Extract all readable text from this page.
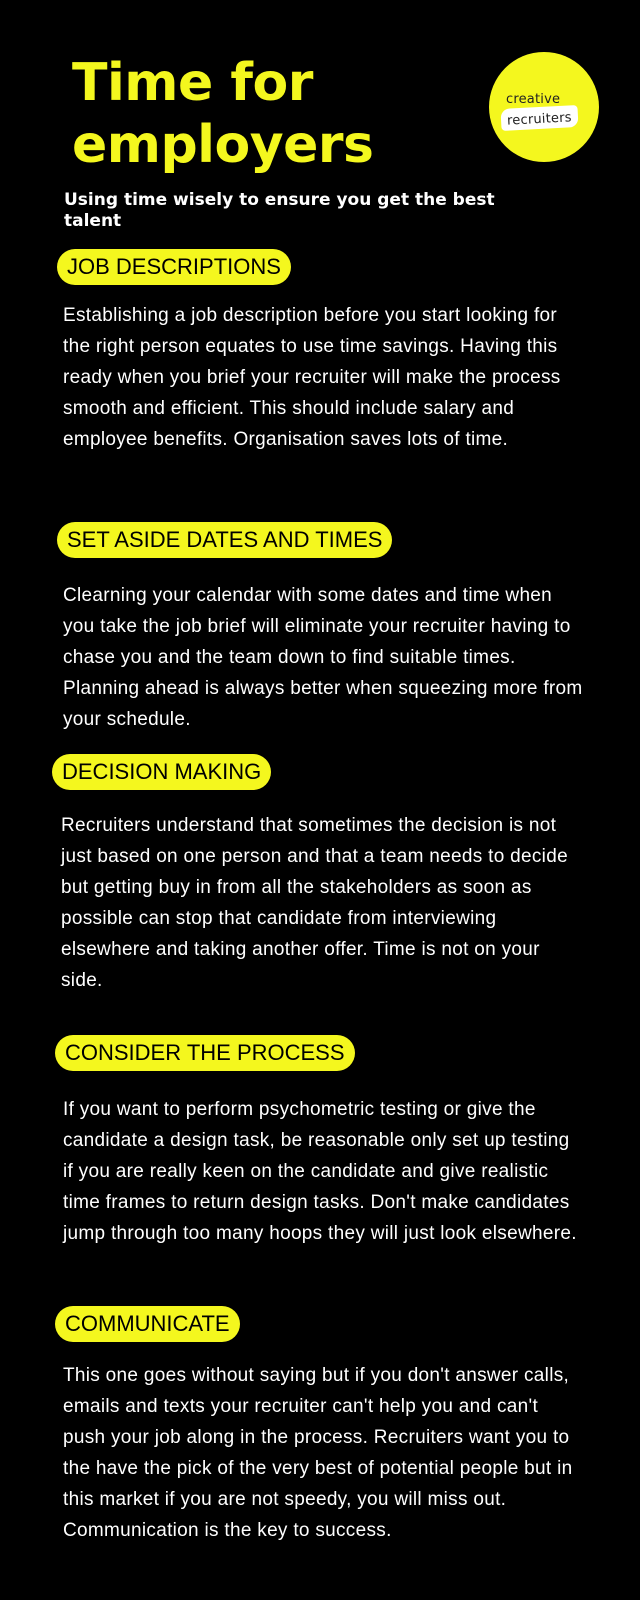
Time for
employers
creative
recruiters

Using time wisely to ensure you get the best talent

JOB DESCRIPTIONS

Establishing a job description before you start looking for the right person equates to use time savings. Having this ready when you brief your recruiter will make the process smooth and efficient. This should include salary and employee benefits. Organisation saves lots of time.

SET ASIDE DATES AND TIMES

Clearning your calendar with some dates and time when you take the job brief will eliminate your recruiter having to chase you and the team down to find suitable times. Planning ahead is always better when squeezing more from your schedule.

DECISION MAKING

Recruiters understand that sometimes the decision is not just based on one person and that a team needs to decide but getting buy in from all the stakeholders as soon as possible can stop that candidate from interviewing elsewhere and taking another offer. Time is not on your side.

CONSIDER THE PROCESS

If you want to perform psychometric testing or give the candidate a design task, be reasonable only set up testing if you are really keen on the candidate and give realistic time frames to return design tasks. Don't make candidates jump through too many hoops they will just look elsewhere.

COMMUNICATE

This one goes without saying but if you don't answer calls, emails and texts your recruiter can't help you and can't push your job along in the process. Recruiters want you to the have the pick of the very best of potential people but in this market if you are not speedy, you will miss out. Communication is the key to success.
